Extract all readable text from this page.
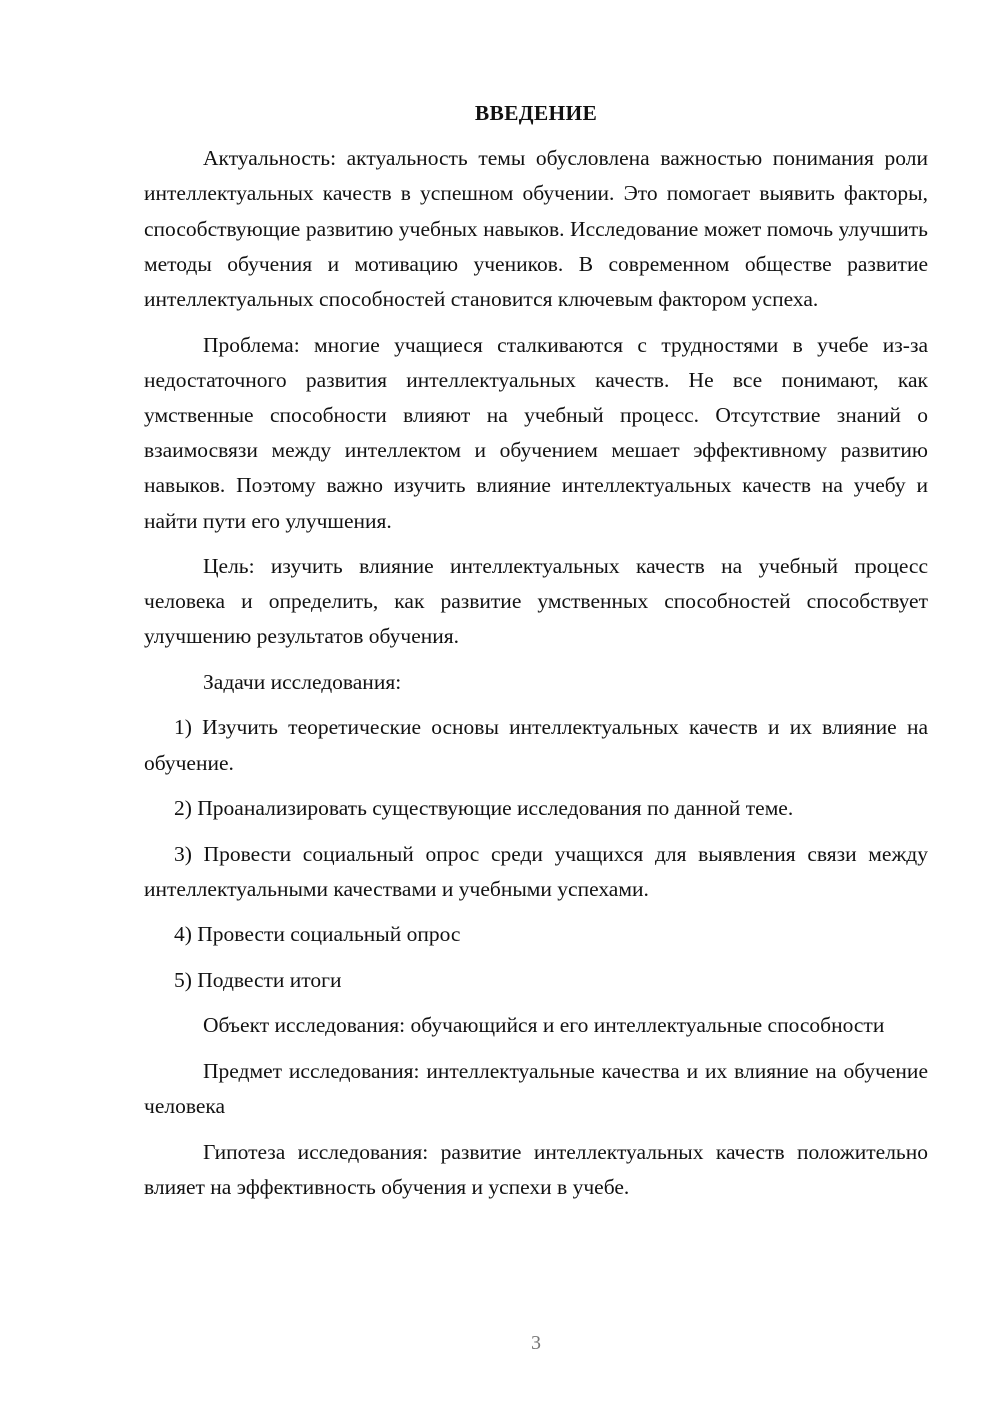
ВВЕДЕНИЕ

Актуальность: актуальность темы обусловлена важностью понимания роли интеллектуальных качеств в успешном обучении. Это помогает выявить факторы, способствующие развитию учебных навыков. Исследование может помочь улучшить методы обучения и мотивацию учеников. В современном обществе развитие интеллектуальных способностей становится ключевым фактором успеха.

Проблема: многие учащиеся сталкиваются с трудностями в учебе из-за недостаточного развития интеллектуальных качеств. Не все понимают, как умственные способности влияют на учебный процесс. Отсутствие знаний о взаимосвязи между интеллектом и обучением мешает эффективному развитию навыков. Поэтому важно изучить влияние интеллектуальных качеств на учебу и найти пути его улучшения.

Цель: изучить влияние интеллектуальных качеств на учебный процесс человека и определить, как развитие умственных способностей способствует улучшению результатов обучения.

Задачи исследования:

1) Изучить теоретические основы интеллектуальных качеств и их влияние на обучение.

2) Проанализировать существующие исследования по данной теме.

3) Провести социальный опрос среди учащихся для выявления связи между интеллектуальными качествами и учебными успехами.

4) Провести социальный опрос

5) Подвести итоги

Объект исследования: обучающийся и его интеллектуальные способности

Предмет исследования: интеллектуальные качества и их влияние на обучение человека

Гипотеза исследования: развитие интеллектуальных качеств положительно влияет на эффективность обучения и успехи в учебе.

3
